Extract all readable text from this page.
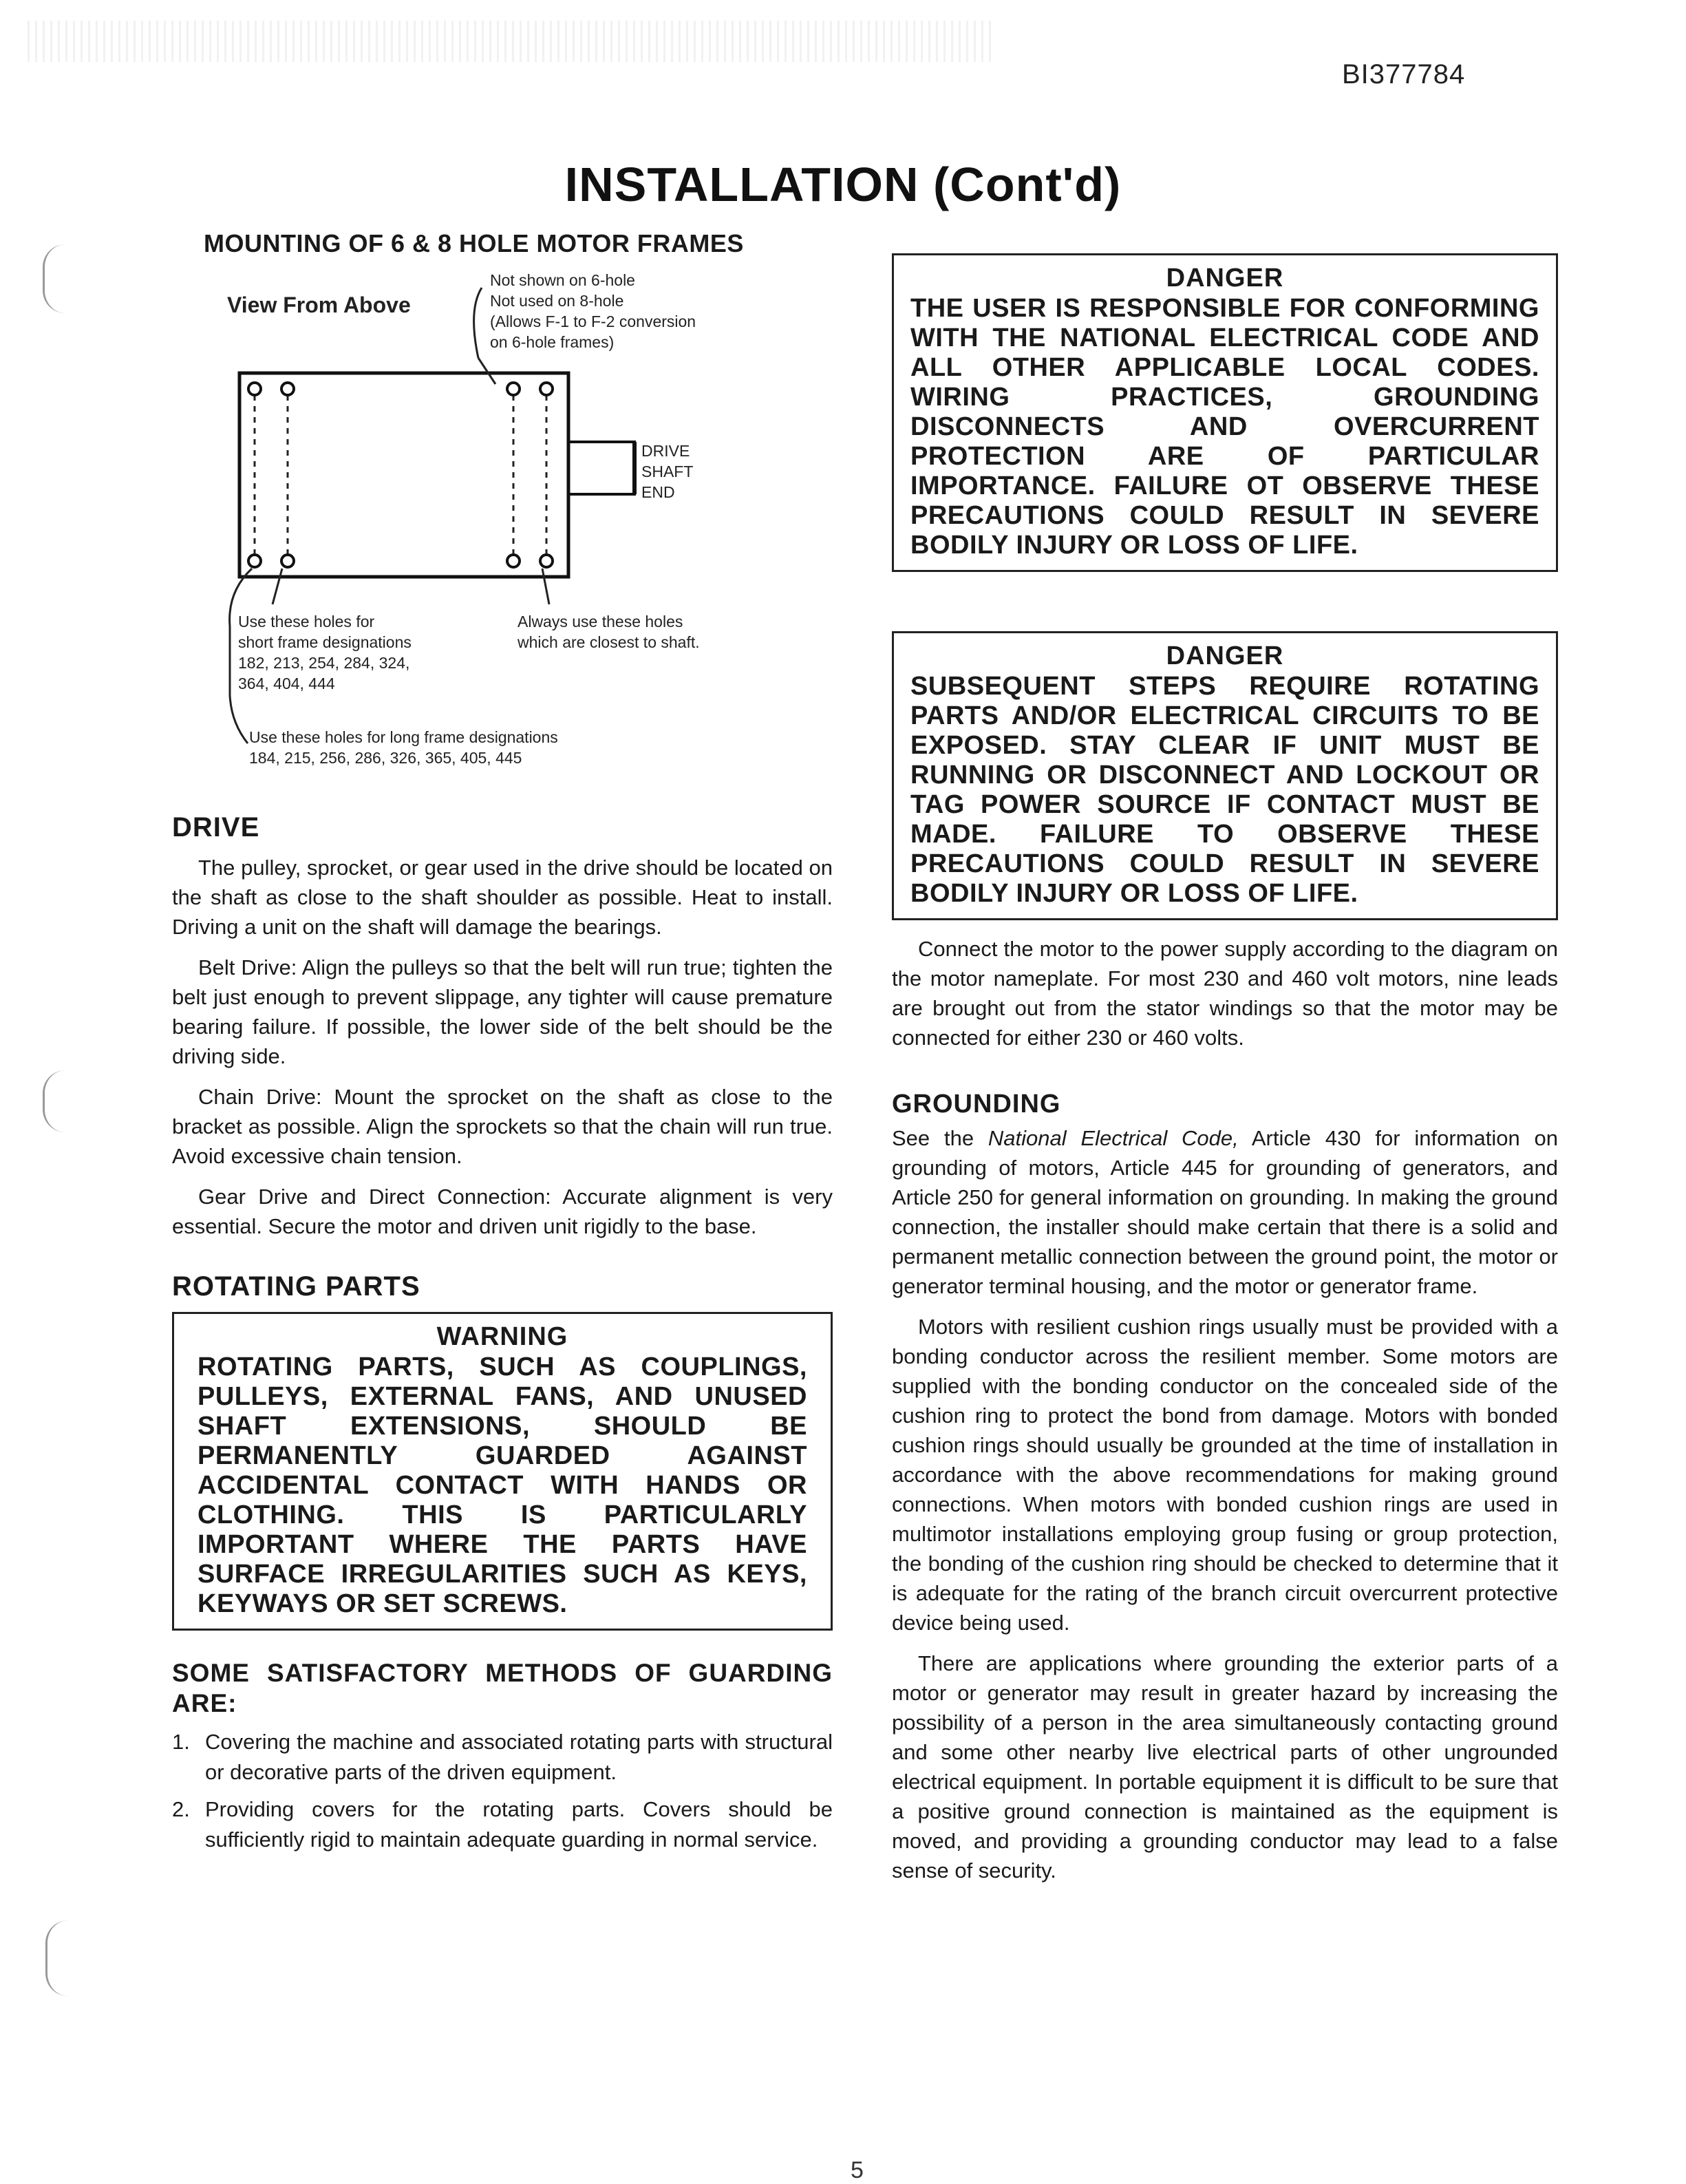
BI377784
INSTALLATION (Cont'd)
MOUNTING OF 6 & 8 HOLE MOTOR FRAMES
View From Above
Not shown on 6-hole
Not used on 8-hole
(Allows F-1 to F-2 conversion
on 6-hole frames)
DRIVE
SHAFT
END
Use these holes for
short frame designations
182, 213, 254, 284, 324,
364, 404, 444
Always use these holes
which are closest to shaft.
Use these holes for long frame designations
184, 215, 256, 286, 326, 365, 405, 445
DRIVE

The pulley, sprocket, or gear used in the drive should be located on the shaft as close to the shaft shoulder as possible. Heat to install. Driving a unit on the shaft will damage the bearings.

Belt Drive: Align the pulleys so that the belt will run true; tighten the belt just enough to prevent slippage, any tighter will cause premature bearing failure. If possible, the lower side of the belt should be the driving side.

Chain Drive: Mount the sprocket on the shaft as close to the bracket as possible. Align the sprockets so that the chain will run true. Avoid excessive chain tension.

Gear Drive and Direct Connection: Accurate alignment is very essential. Secure the motor and driven unit rigidly to the base.

ROTATING PARTS
WARNING
ROTATING PARTS, SUCH AS COUPLINGS, PULLEYS, EXTERNAL FANS, AND UNUSED SHAFT EXTENSIONS, SHOULD BE PERMANENTLY GUARDED AGAINST ACCIDENTAL CONTACT WITH HANDS OR CLOTHING. THIS IS PARTICULARLY IMPORTANT WHERE THE PARTS HAVE SURFACE IRREGULARITIES SUCH AS KEYS, KEYWAYS OR SET SCREWS.
SOME SATISFACTORY METHODS OF GUARDING ARE:
1. Covering the machine and associated rotating parts with structural or decorative parts of the driven equipment.
2. Providing covers for the rotating parts. Covers should be sufficiently rigid to maintain adequate guarding in normal service.
DANGER
THE USER IS RESPONSIBLE FOR CONFORMING WITH THE NATIONAL ELECTRICAL CODE AND ALL OTHER APPLICABLE LOCAL CODES. WIRING PRACTICES, GROUNDING DISCONNECTS AND OVERCURRENT PROTECTION ARE OF PARTICULAR IMPORTANCE. FAILURE OT OBSERVE THESE PRECAUTIONS COULD RESULT IN SEVERE BODILY INJURY OR LOSS OF LIFE.
DANGER
SUBSEQUENT STEPS REQUIRE ROTATING PARTS AND/OR ELECTRICAL CIRCUITS TO BE EXPOSED. STAY CLEAR IF UNIT MUST BE RUNNING OR DISCONNECT AND LOCKOUT OR TAG POWER SOURCE IF CONTACT MUST BE MADE. FAILURE TO OBSERVE THESE PRECAUTIONS COULD RESULT IN SEVERE BODILY INJURY OR LOSS OF LIFE.

Connect the motor to the power supply according to the diagram on the motor nameplate. For most 230 and 460 volt motors, nine leads are brought out from the stator windings so that the motor may be connected for either 230 or 460 volts.

GROUNDING

See the National Electrical Code, Article 430 for information on grounding of motors, Article 445 for grounding of generators, and Article 250 for general information on grounding. In making the ground connection, the installer should make certain that there is a solid and permanent metallic connection between the ground point, the motor or generator terminal housing, and the motor or generator frame.

Motors with resilient cushion rings usually must be provided with a bonding conductor across the resilient member. Some motors are supplied with the bonding conductor on the concealed side of the cushion ring to protect the bond from damage. Motors with bonded cushion rings should usually be grounded at the time of installation in accordance with the above recommendations for making ground connections. When motors with bonded cushion rings are used in multimotor installations employing group fusing or group protection, the bonding of the cushion ring should be checked to determine that it is adequate for the rating of the branch circuit overcurrent protective device being used.

There are applications where grounding the exterior parts of a motor or generator may result in greater hazard by increasing the possibility of a person in the area simultaneously contacting ground and some other nearby live electrical parts of other ungrounded electrical equipment. In portable equipment it is difficult to be sure that a positive ground connection is maintained as the equipment is moved, and providing a grounding conductor may lead to a false sense of security.

5
